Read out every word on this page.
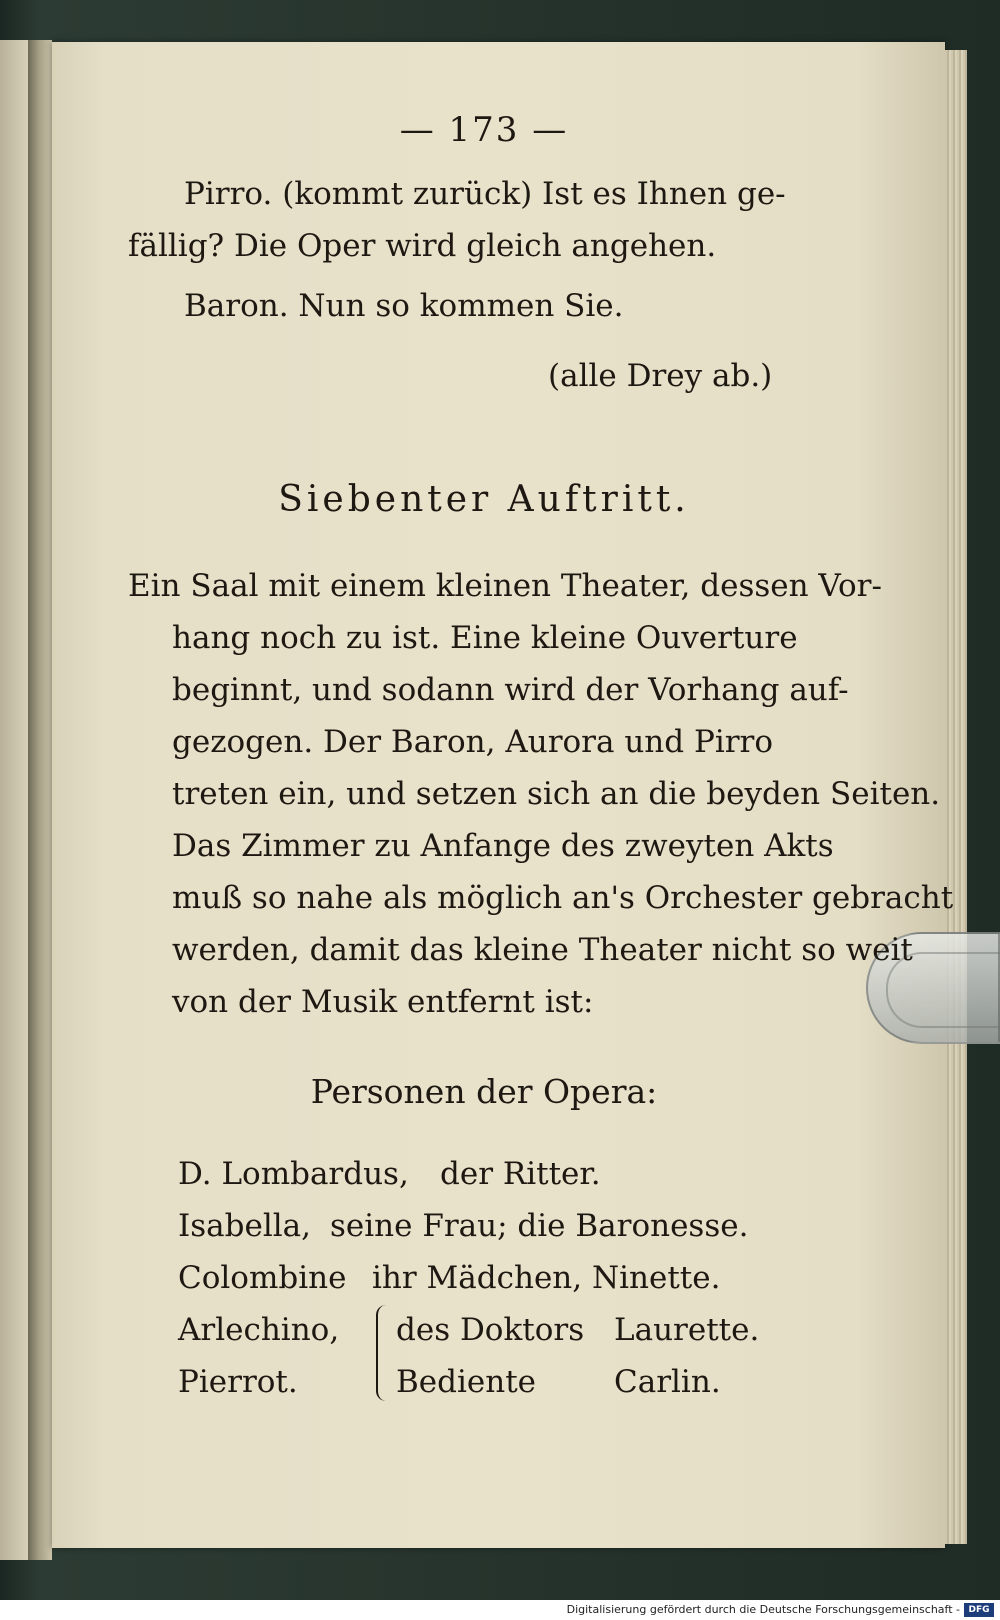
— 173 —
Pirro. (kommt zurück) Ist es Ihnen ge-
fällig? Die Oper wird gleich angehen.
Baron. Nun so kommen Sie.
(alle Drey ab.)
Siebenter Auftritt.
Ein Saal mit einem kleinen Theater, dessen Vor-
hang noch zu ist. Eine kleine Ouverture
beginnt, und sodann wird der Vorhang auf-
gezogen. Der Baron, Aurora und Pirro
treten ein, und setzen sich an die beyden Seiten.
Das Zimmer zu Anfange des zweyten Akts
muß so nahe als möglich an's Orchester gebracht
werden, damit das kleine Theater nicht so weit
von der Musik entfernt ist:
Personen der Opera:
D. Lombardus, der Ritter.
Isabella, seine Frau; die Baronesse.
Colombine ihr Mädchen, Ninette.
Arlechino,
Pierrot.
des Doktors
Bediente
Laurette.
Carlin.
Digitalisierung gefördert durch die Deutsche Forschungsgemeinschaft - DFG
